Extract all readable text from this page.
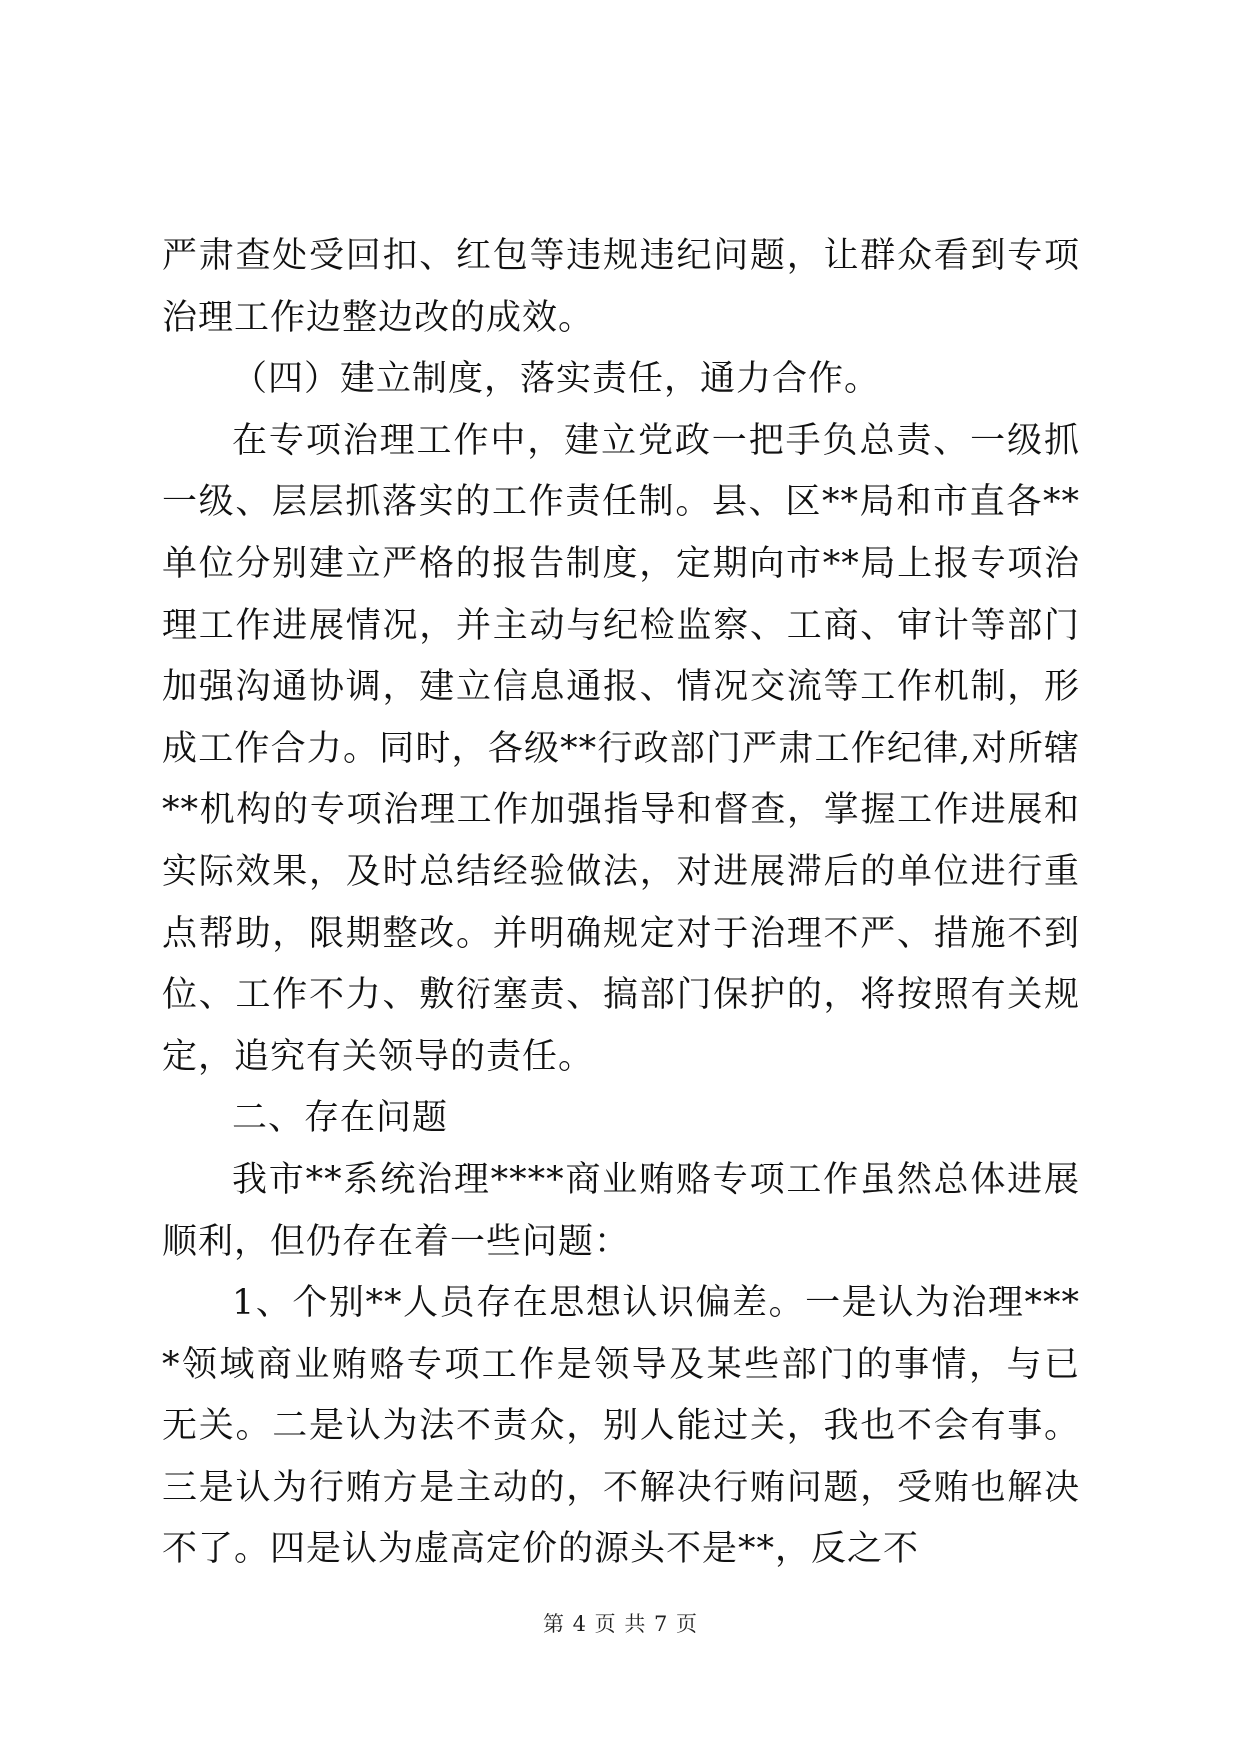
严肃查处受回扣、红包等违规违纪问题，让群众看到专项治理工作边整边改的成效。

（四）建立制度，落实责任，通力合作。

在专项治理工作中，建立党政一把手负总责、一级抓一级、层层抓落实的工作责任制。县、区**局和市直各**单位分别建立严格的报告制度，定期向市**局上报专项治理工作进展情况，并主动与纪检监察、工商、审计等部门加强沟通协调，建立信息通报、情况交流等工作机制，形成工作合力。同时，各级**行政部门严肃工作纪律,对所辖**机构的专项治理工作加强指导和督查，掌握工作进展和实际效果，及时总结经验做法，对进展滞后的单位进行重点帮助，限期整改。并明确规定对于治理不严、措施不到位、工作不力、敷衍塞责、搞部门保护的，将按照有关规定，追究有关领导的责任。

二、存在问题

我市**系统治理****商业贿赂专项工作虽然总体进展顺利，但仍存在着一些问题：

1、个别**人员存在思想认识偏差。一是认为治理****领域商业贿赂专项工作是领导及某些部门的事情，与已无关。二是认为法不责众，别人能过关，我也不会有事。三是认为行贿方是主动的，不解决行贿问题，受贿也解决不了。四是认为虚高定价的源头不是**，反之不

第 4 页 共 7 页
